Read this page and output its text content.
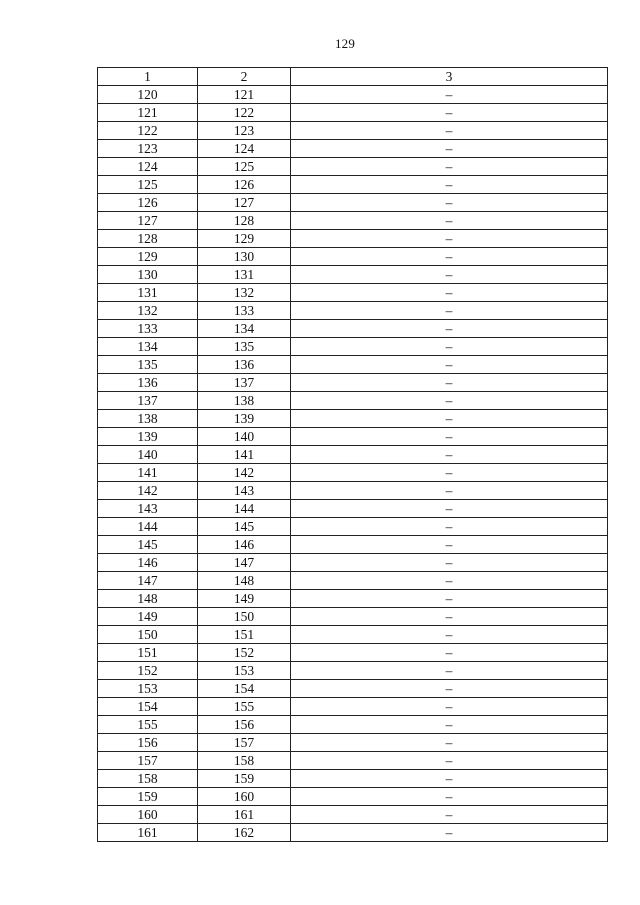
129
1	2	3
120	121	–
121	122	–
122	123	–
123	124	–
124	125	–
125	126	–
126	127	–
127	128	–
128	129	–
129	130	–
130	131	–
131	132	–
132	133	–
133	134	–
134	135	–
135	136	–
136	137	–
137	138	–
138	139	–
139	140	–
140	141	–
141	142	–
142	143	–
143	144	–
144	145	–
145	146	–
146	147	–
147	148	–
148	149	–
149	150	–
150	151	–
151	152	–
152	153	–
153	154	–
154	155	–
155	156	–
156	157	–
157	158	–
158	159	–
159	160	–
160	161	–
161	162	–
